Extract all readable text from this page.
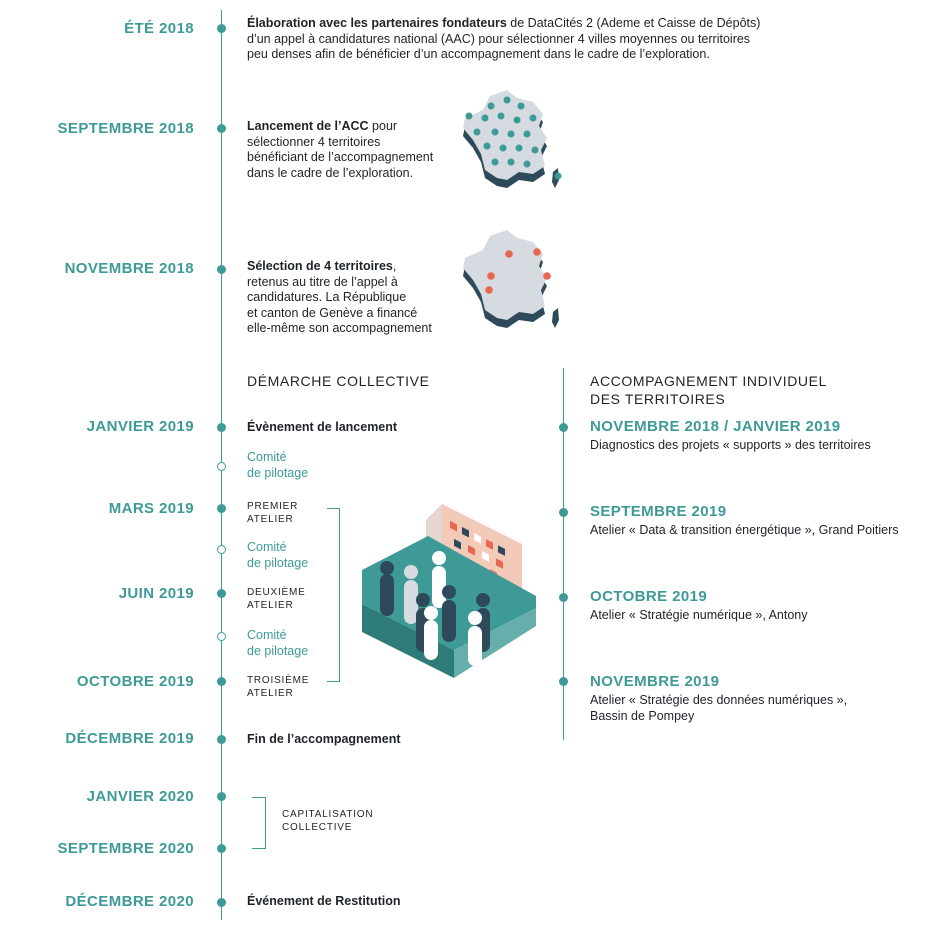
ÉTÉ 2018	Élaboration avec les partenaires fondateurs de DataCités 2 (Ademe et Caisse de Dépôts)
d’un appel à candidatures national (AAC) pour sélectionner 4 villes moyennes ou territoires
peu denses afin de bénéficier d’un accompagnement dans le cadre de l’exploration.
SEPTEMBRE 2018	Lancement de l’ACC pour
sélectionner 4 territoires
bénéficiant de l’accompagnement
dans le cadre de l’exploration.
NOVEMBRE 2018	Sélection de 4 territoires,
retenus au titre de l’appel à
candidatures. La République
et canton de Genève a financé
elle-même son accompagnement
DÉMARCHE COLLECTIVE	ACCOMPAGNEMENT INDIVIDUEL
DES TERRITOIRES
JANVIER 2019	Évènement de lancement
Comité
de pilotage
MARS 2019	PREMIER
ATELIER
Comité
de pilotage
JUIN 2019	DEUXIÈME
ATELIER
Comité
de pilotage
OCTOBRE 2019	TROISIÈME
ATELIER
DÉCEMBRE 2019	Fin de l’accompagnement
JANVIER 2020
SEPTEMBRE 2020
CAPITALISATION
COLLECTIVE
DÉCEMBRE 2020	Événement de Restitution
NOVEMBRE 2018 / JANVIER 2019
Diagnostics des projets « supports » des territoires
SEPTEMBRE 2019
Atelier « Data & transition énergétique », Grand Poitiers
OCTOBRE 2019
Atelier « Stratégie numérique », Antony
NOVEMBRE 2019
Atelier « Stratégie des données numériques »,
Bassin de Pompey
